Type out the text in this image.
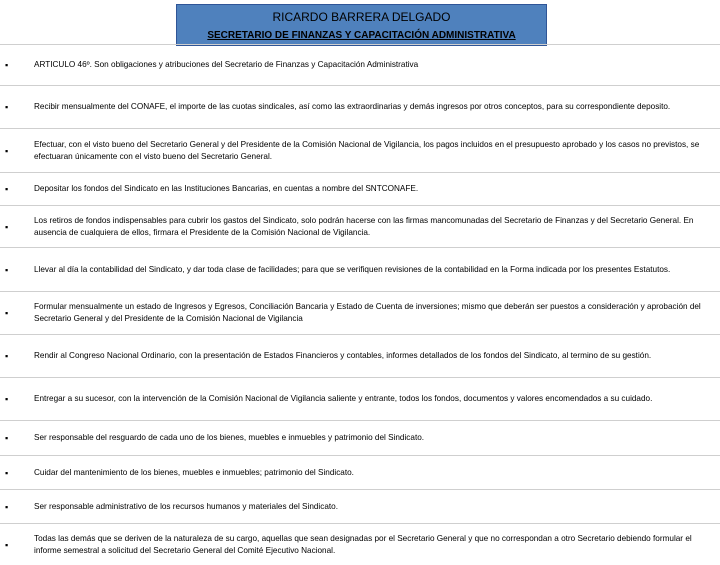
RICARDO BARRERA DELGADO
SECRETARIO DE FINANZAS Y CAPACITACIÓN ADMINISTRATIVA
▪	ARTICULO 46º. Son obligaciones y atribuciones del Secretario de Finanzas y Capacitación Administrativa
▪	Recibir mensualmente del CONAFE, el importe de las cuotas sindicales, así como las extraordinarias y demás ingresos por otros conceptos, para su correspondiente deposito.
▪
Efectuar, con el visto bueno del Secretario General y del Presidente de la Comisión Nacional de Vigilancia, los pagos incluidos en el presupuesto aprobado y los casos no previstos, se efectuaran únicamente con el visto bueno del Secretario General.
▪	Depositar los fondos del Sindicato en las Instituciones Bancarias, en cuentas a nombre del SNTCONAFE.
▪
Los retiros de fondos indispensables para cubrir los gastos del Sindicato, solo podrán hacerse con las firmas mancomunadas del Secretario de Finanzas y del Secretario General. En ausencia de cualquiera de ellos, firmara el Presidente de la Comisión Nacional de Vigilancia.
▪	Llevar al día la contabilidad del Sindicato, y dar toda clase de facilidades; para que se verifiquen revisiones de la contabilidad en la Forma indicada por los presentes Estatutos.
▪
Formular mensualmente un estado de Ingresos y Egresos, Conciliación Bancaria y Estado de Cuenta de inversiones; mismo que deberán ser puestos a consideración y aprobación del Secretario General y del Presidente de la Comisión Nacional de Vigilancia
▪	Rendir al Congreso Nacional Ordinario, con la presentación de Estados Financieros y contables, informes detallados de los fondos del Sindicato, al termino de su gestión.
▪	Entregar a su sucesor, con la intervención de la Comisión Nacional de Vigilancia saliente y entrante, todos los fondos, documentos y valores encomendados a su cuidado.
▪	Ser responsable del resguardo de cada uno de los bienes, muebles e inmuebles y patrimonio del Sindicato.
▪	Cuidar del mantenimiento de los bienes, muebles e inmuebles; patrimonio del Sindicato.
▪	Ser responsable administrativo de los recursos humanos y materiales del Sindicato.
▪
Todas las demás que se deriven de la naturaleza de su cargo, aquellas que sean designadas por el Secretario General y que no correspondan a otro Secretario debiendo formular el informe semestral a solicitud del Secretario General del Comité Ejecutivo Nacional.
